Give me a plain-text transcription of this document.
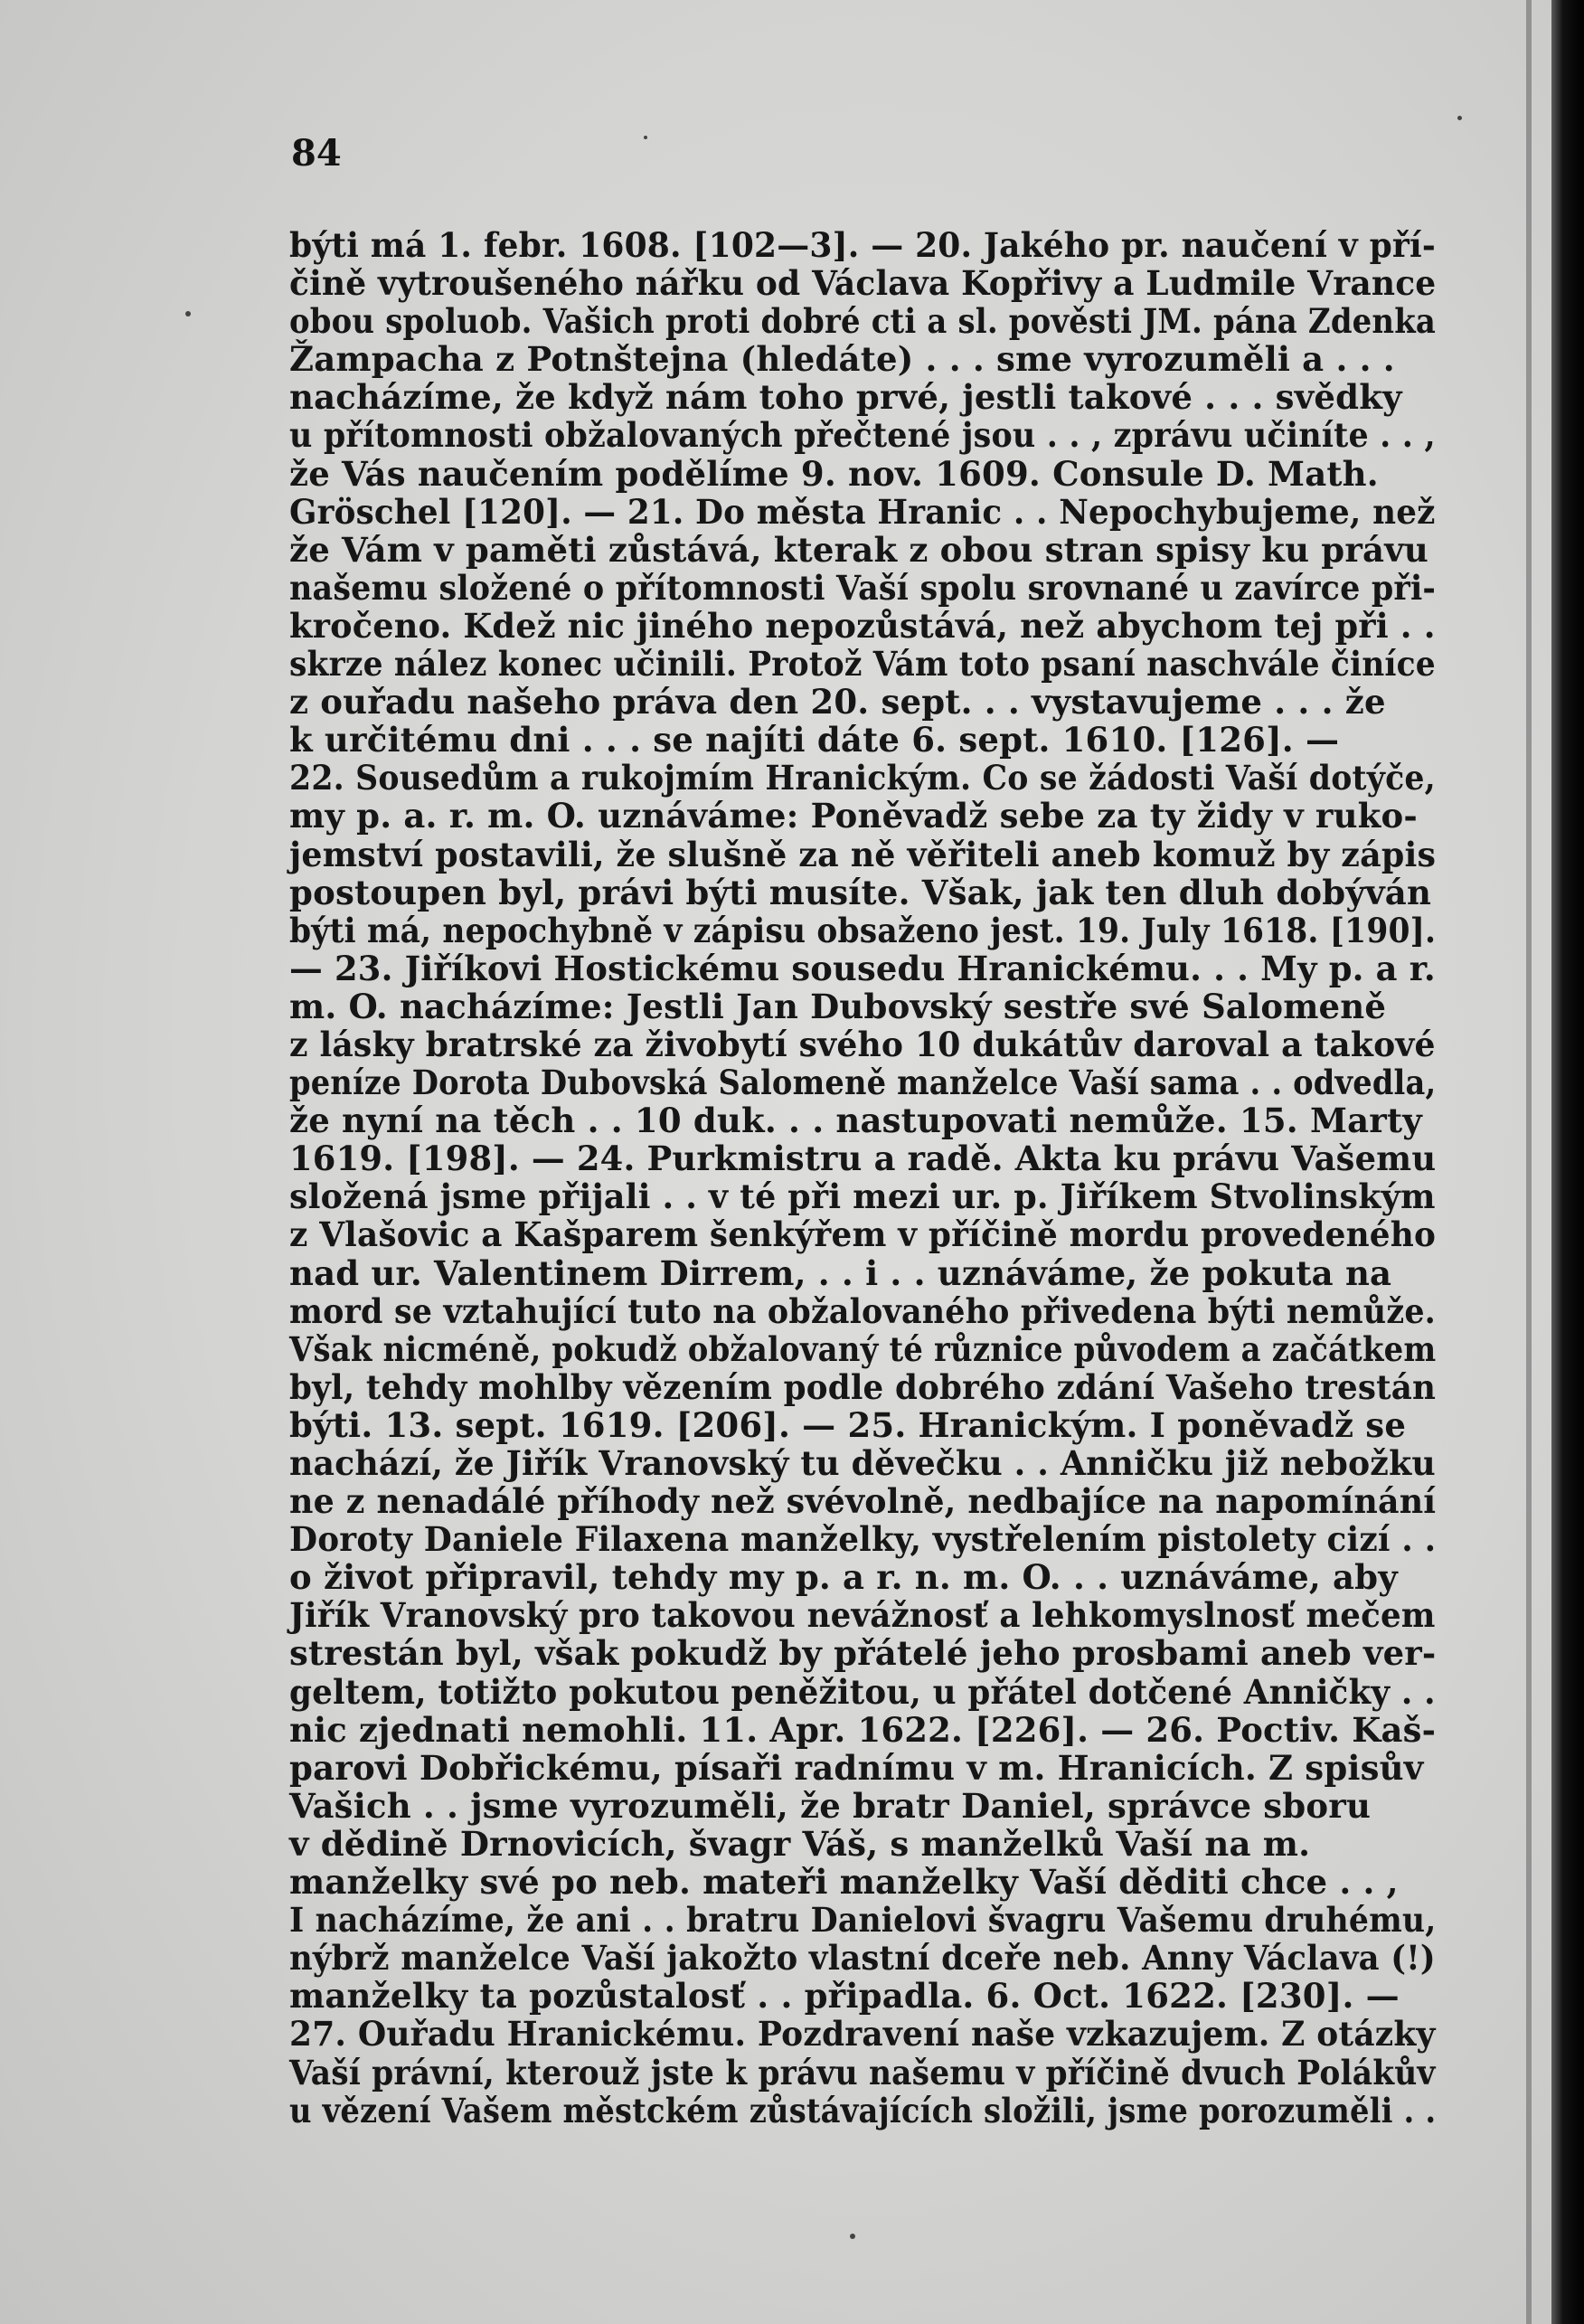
84
býti má 1. febr. 1608. [102—3]. — 20. Jakého pr. naučení v pří-
čině vytroušeného nářku od Václava Kopřivy a Ludmile Vrance
obou spoluob. Vašich proti dobré cti a sl. pověsti JM. pána Zdenka
Žampacha z Potnštejna (hledáte) . . . sme vyrozuměli a . . .
nacházíme, že když nám toho prvé, jestli takové . . . svědky
u přítomnosti obžalovaných přečtené jsou . . , zprávu učiníte . . ,
že Vás naučením podělíme 9. nov. 1609. Consule D. Math.
Gröschel [120]. — 21. Do města Hranic . . Nepochybujeme, než
že Vám v paměti zůstává, kterak z obou stran spisy ku právu
našemu složené o přítomnosti Vaší spolu srovnané u zavírce při-
kročeno. Kdež nic jiného nepozůstává, než abychom tej při . .
skrze nález konec učinili. Protož Vám toto psaní naschvále činíce
z ouřadu našeho práva den 20. sept. . . vystavujeme . . . že
k určitému dni . . . se najíti dáte 6. sept. 1610. [126]. —
22. Sousedům a rukojmím Hranickým. Co se žádosti Vaší dotýče,
my p. a. r. m. O. uznáváme: Poněvadž sebe za ty židy v ruko-
jemství postavili, že slušně za ně věřiteli aneb komuž by zápis
postoupen byl, právi býti musíte. Však, jak ten dluh dobýván
býti má, nepochybně v zápisu obsaženo jest. 19. July 1618. [190].
— 23. Jiříkovi Hostickému sousedu Hranickému. . . My p. a r.
m. O. nacházíme: Jestli Jan Dubovský sestře své Salomeně
z lásky bratrské za živobytí svého 10 dukátův daroval a takové
peníze Dorota Dubovská Salomeně manželce Vaší sama . . odvedla,
že nyní na těch . . 10 duk. . . nastupovati nemůže. 15. Marty
1619. [198]. — 24. Purkmistru a radě. Akta ku právu Vašemu
složená jsme přijali . . v té při mezi ur. p. Jiříkem Stvolinským
z Vlašovic a Kašparem šenkýřem v příčině mordu provedeného
nad ur. Valentinem Dirrem, . . i . . uznáváme, že pokuta na
mord se vztahující tuto na obžalovaného přivedena býti nemůže.
Však nicméně, pokudž obžalovaný té různice původem a začátkem
byl, tehdy mohlby vězením podle dobrého zdání Vašeho trestán
býti. 13. sept. 1619. [206]. — 25. Hranickým. I poněvadž se
nachází, že Jiřík Vranovský tu děvečku . . Anničku již nebožku
ne z nenadálé příhody než svévolně, nedbajíce na napomínání
Doroty Daniele Filaxena manželky, vystřelením pistolety cizí . .
o život připravil, tehdy my p. a r. n. m. O. . . uznáváme, aby
Jiřík Vranovský pro takovou nevážnosť a lehkomyslnosť mečem
strestán byl, však pokudž by přátelé jeho prosbami aneb ver-
geltem, totižto pokutou peněžitou, u přátel dotčené Anničky . .
nic zjednati nemohli. 11. Apr. 1622. [226]. — 26. Poctiv. Kaš-
parovi Dobřickému, písaři radnímu v m. Hranicích. Z spisův
Vašich . . jsme vyrozuměli, že bratr Daniel, správce sboru
v dědině Drnovicích, švagr Váš, s manželků Vaší na m.
manželky své po neb. mateři manželky Vaší děditi chce . . ,
I nacházíme, že ani . . bratru Danielovi švagru Vašemu druhému,
nýbrž manželce Vaší jakožto vlastní dceře neb. Anny Václava (!)
manželky ta pozůstalosť . . připadla. 6. Oct. 1622. [230]. —
27. Ouřadu Hranickému. Pozdravení naše vzkazujem. Z otázky
Vaší právní, kterouž jste k právu našemu v příčině dvuch Polákův
u vězení Vašem městckém zůstávajících složili, jsme porozuměli . .
